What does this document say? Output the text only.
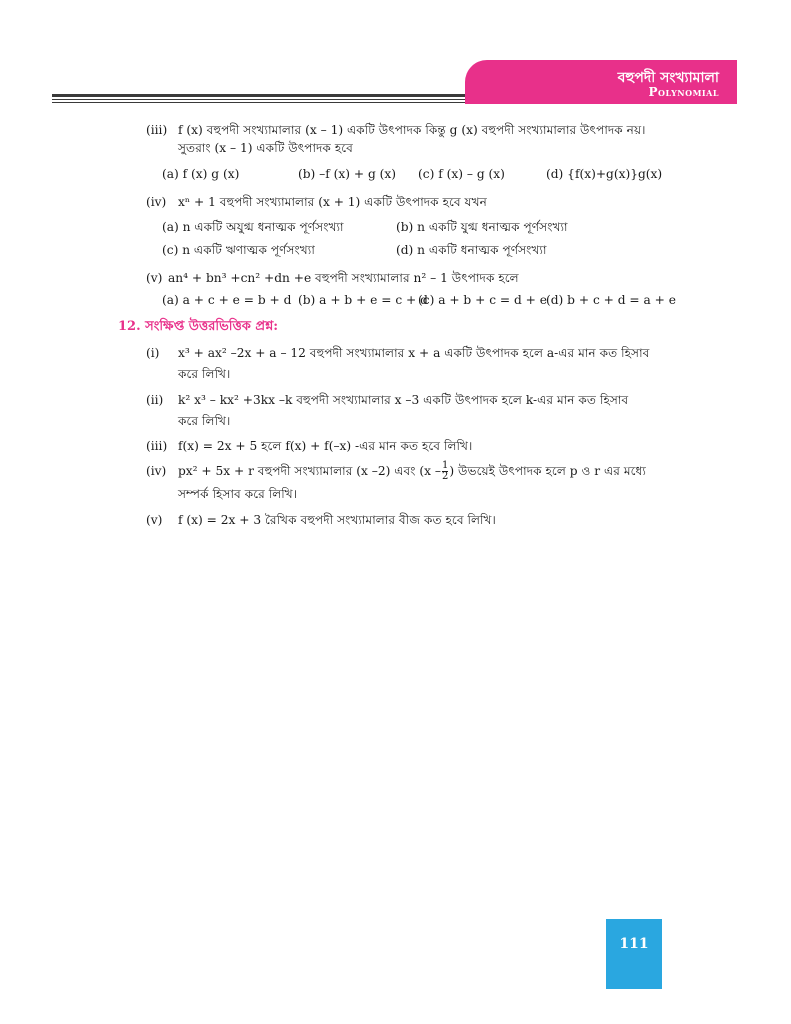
বহুপদী সংখ্যামালা
Polynomial
(iii) f (x) বহুপদী সংখ্যামালার (x – 1) একটি উৎপাদক কিন্তু g (x) বহুপদী সংখ্যামালার উৎপাদক নয়।
সুতরাং (x – 1) একটি উৎপাদক হবে
(a) f (x) g (x)	(b) –f (x) + g (x) (c) f (x) – g (x)	(d) {f(x)+g(x)}g(x)
(iv) xⁿ + 1 বহুপদী সংখ্যামালার (x + 1) একটি উৎপাদক হবে যখন
(a) n একটি অযুগ্ম ধনাত্মক পূর্ণসংখ্যা	(b) n একটি যুগ্ম ধনাত্মক পূর্ণসংখ্যা
(c) n একটি ঋণাত্মক পূর্ণসংখ্যা	(d) n একটি ধনাত্মক পূর্ণসংখ্যা
(v) an⁴ + bn³ +cn² +dn +e বহুপদী সংখ্যামালার n² – 1 উৎপাদক হলে
(a) a + c + e = b + d (b) a + b + e = c + d
(c) a + b + c = d + e (d) b + c + d = a + e
12. সংক্ষিপ্ত উত্তরভিত্তিক প্রশ্ন:
(i) x³ + ax² –2x + a – 12 বহুপদী সংখ্যামালার x + a একটি উৎপাদক হলে a-এর মান কত হিসাব
করে লিখি।
(ii) k² x³ – kx² +3kx –k বহুপদী সংখ্যামালার x –3 একটি উৎপাদক হলে k-এর মান কত হিসাব
করে লিখি।
(iii) f(x) = 2x + 5 হলে f(x) + f(–x) -এর মান কত হবে লিখি।
(iv) px² + 5x + r বহুপদী সংখ্যামালার (x –2) এবং ($x - \frac{1}{2}$ ) উভয়েই উৎপাদক হলে p ও r এর মধ্যে
সম্পর্ক হিসাব করে লিখি।
(v) f (x) = 2x + 3 রৈখিক বহুপদী সংখ্যামালার বীজ কত হবে লিখি।
111
